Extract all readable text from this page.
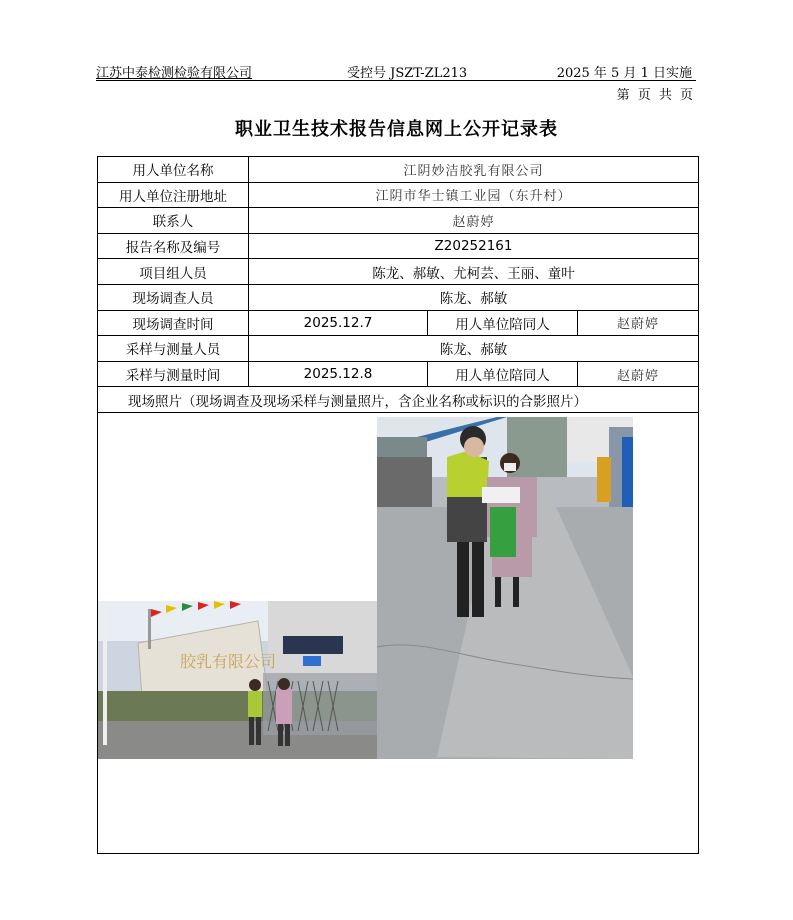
江苏中泰检测检验有限公司	受控号 JSZT-ZL213	2025 年 5 月 1 日实施
第 页 共 页
职业卫生技术报告信息网上公开记录表
用人单位名称	江阴妙洁胶乳有限公司		
用人单位注册地址	江阴市华士镇工业园（东升村）		
联系人	赵蔚婷		
报告名称及编号	Z20252161		
项目组人员	陈龙、郝敏、尤柯芸、王丽、童叶		
现场调查人员	陈龙、郝敏		
现场调查时间	2025.12.7	用人单位陪同人	赵蔚婷
采样与测量人员	陈龙、郝敏		
采样与测量时间	2025.12.8	用人单位陪同人	赵蔚婷
现场照片（现场调查及现场采样与测量照片，含企业名称或标识的合影照片）			

胶乳有限公司			
